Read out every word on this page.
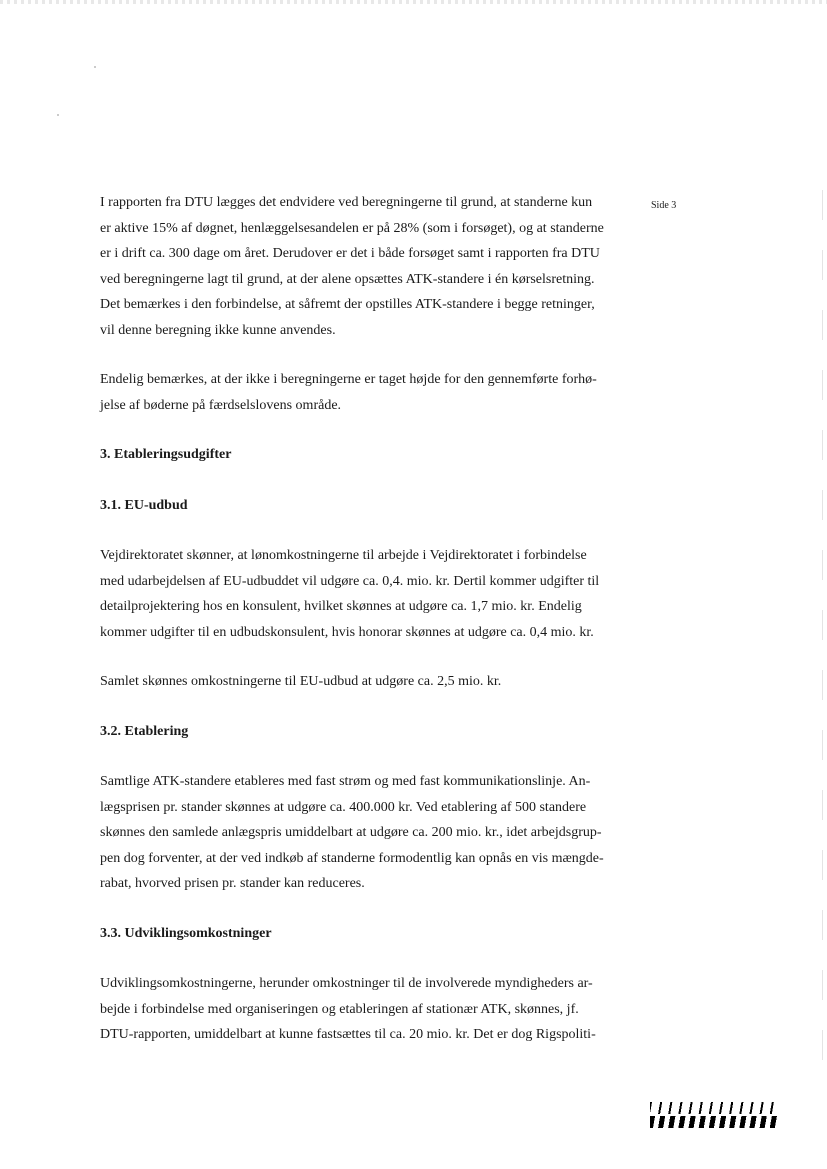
Side 3

I rapporten fra DTU lægges det endvidere ved beregningerne til grund, at standerne kun
er aktive 15% af døgnet, henlæggelsesandelen er på 28% (som i forsøget), og at standerne
er i drift ca. 300 dage om året. Derudover er det i både forsøget samt i rapporten fra DTU
ved beregningerne lagt til grund, at der alene opsættes ATK-standere i én kørselsretning.
Det bemærkes i den forbindelse, at såfremt der opstilles ATK-standere i begge retninger,
vil denne beregning ikke kunne anvendes.

Endelig bemærkes, at der ikke i beregningerne er taget højde for den gennemførte forhø-
jelse af bøderne på færdselslovens område.

3. Etableringsudgifter

3.1. EU-udbud

Vejdirektoratet skønner, at lønomkostningerne til arbejde i Vejdirektoratet i forbindelse
med udarbejdelsen af EU-udbuddet vil udgøre ca. 0,4. mio. kr. Dertil kommer udgifter til
detailprojektering hos en konsulent, hvilket skønnes at udgøre ca. 1,7 mio. kr. Endelig
kommer udgifter til en udbudskonsulent, hvis honorar skønnes at udgøre ca. 0,4 mio. kr.

Samlet skønnes omkostningerne til EU-udbud at udgøre ca. 2,5 mio. kr.

3.2. Etablering

Samtlige ATK-standere etableres med fast strøm og med fast kommunikationslinje. An-
lægsprisen pr. stander skønnes at udgøre ca. 400.000 kr. Ved etablering af 500 standere
skønnes den samlede anlægspris umiddelbart at udgøre ca. 200 mio. kr., idet arbejdsgrup-
pen dog forventer, at der ved indkøb af standerne formodentlig kan opnås en vis mængde-
rabat, hvorved prisen pr. stander kan reduceres.

3.3. Udviklingsomkostninger

Udviklingsomkostningerne, herunder omkostninger til de involverede myndigheders ar-
bejde i forbindelse med organiseringen og etableringen af stationær ATK, skønnes, jf.
DTU-rapporten, umiddelbart at kunne fastsættes til ca. 20 mio. kr. Det er dog Rigspoliti-
